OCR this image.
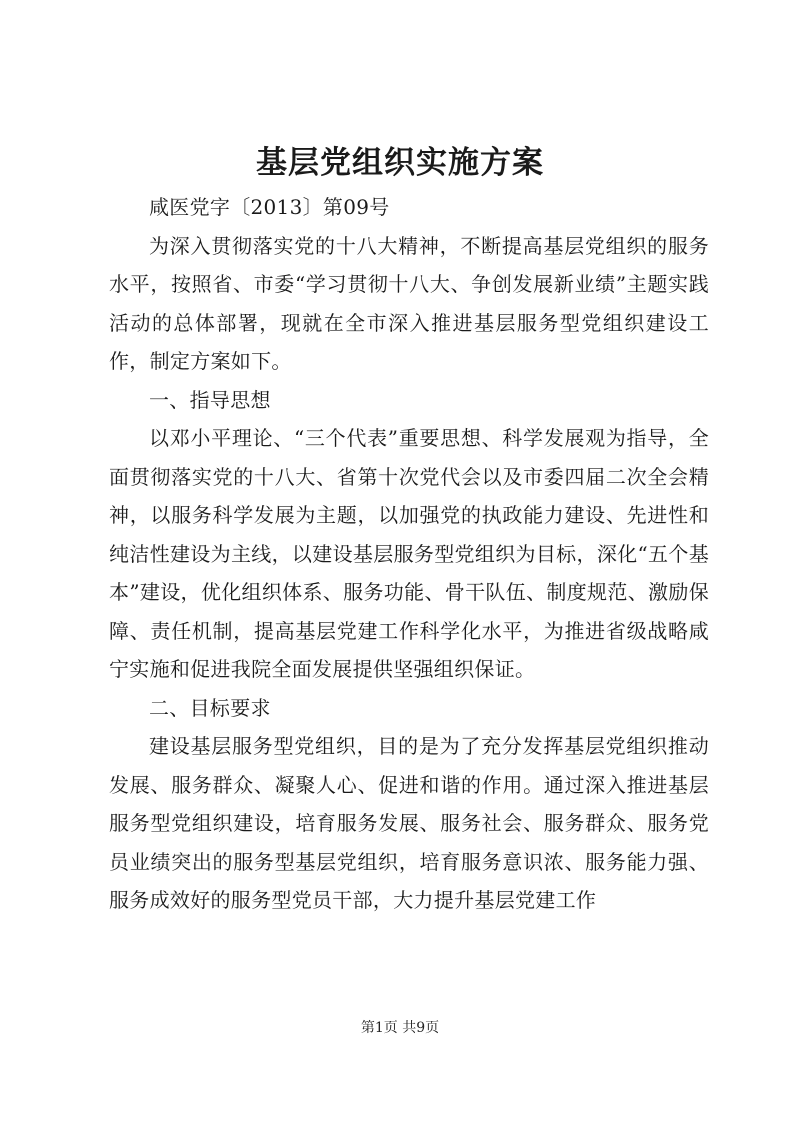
基层党组织实施方案

咸医党字〔2013〕第09号

为深入贯彻落实党的十八大精神，不断提高基层党组织的服务水平，按照省、市委“学习贯彻十八大、争创发展新业绩”主题实践活动的总体部署，现就在全市深入推进基层服务型党组织建设工作，制定方案如下。

一、指导思想

以邓小平理论、“三个代表”重要思想、科学发展观为指导，全面贯彻落实党的十八大、省第十次党代会以及市委四届二次全会精神，以服务科学发展为主题，以加强党的执政能力建设、先进性和纯洁性建设为主线，以建设基层服务型党组织为目标，深化“五个基本”建设，优化组织体系、服务功能、骨干队伍、制度规范、激励保障、责任机制，提高基层党建工作科学化水平，为推进省级战略咸宁实施和促进我院全面发展提供坚强组织保证。

二、目标要求

建设基层服务型党组织，目的是为了充分发挥基层党组织推动发展、服务群众、凝聚人心、促进和谐的作用。通过深入推进基层服务型党组织建设，培育服务发展、服务社会、服务群众、服务党员业绩突出的服务型基层党组织，培育服务意识浓、服务能力强、服务成效好的服务型党员干部，大力提升基层党建工作

第1页 共9页
